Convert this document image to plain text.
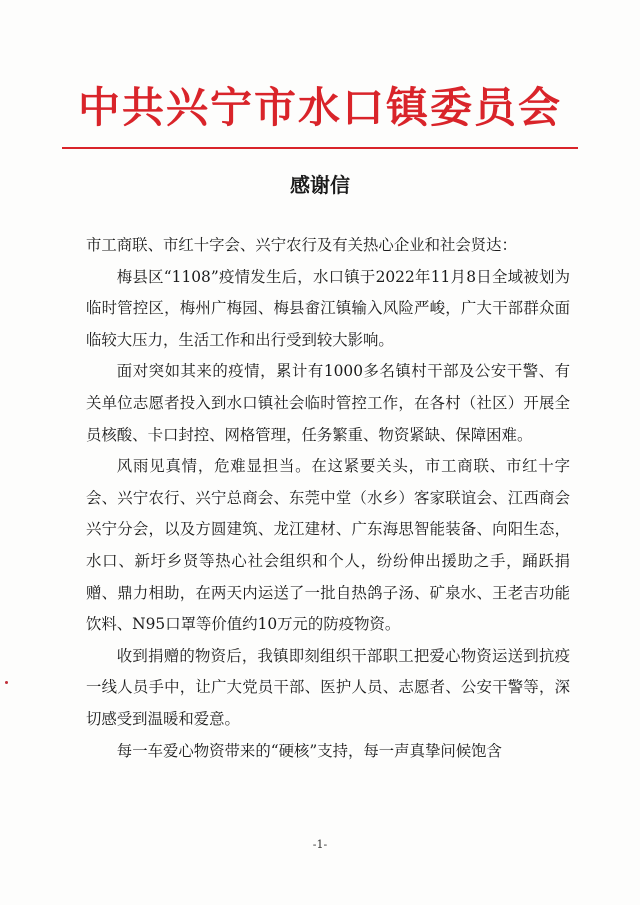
中共兴宁市水口镇委员会
感谢信

市工商联、市红十字会、兴宁农行及有关热心企业和社会贤达：

梅县区“1108”疫情发生后，水口镇于2022年11月8日全域被划为临时管控区，梅州广梅园、梅县畲江镇输入风险严峻，广大干部群众面临较大压力，生活工作和出行受到较大影响。

面对突如其来的疫情，累计有1000多名镇村干部及公安干警、有关单位志愿者投入到水口镇社会临时管控工作，在各村（社区）开展全员核酸、卡口封控、网格管理，任务繁重、物资紧缺、保障困难。

风雨见真情，危难显担当。在这紧要关头，市工商联、市红十字会、兴宁农行、兴宁总商会、东莞中堂（水乡）客家联谊会、江西商会兴宁分会，以及方圆建筑、龙江建材、广东海思智能装备、向阳生态，水口、新圩乡贤等热心社会组织和个人，纷纷伸出援助之手，踊跃捐赠、鼎力相助，在两天内运送了一批自热鸽子汤、矿泉水、王老吉功能饮料、N95口罩等价值约10万元的防疫物资。

收到捐赠的物资后，我镇即刻组织干部职工把爱心物资运送到抗疫一线人员手中，让广大党员干部、医护人员、志愿者、公安干警等，深切感受到温暖和爱意。

每一车爱心物资带来的“硬核”支持，每一声真挚问候饱含

-1-
